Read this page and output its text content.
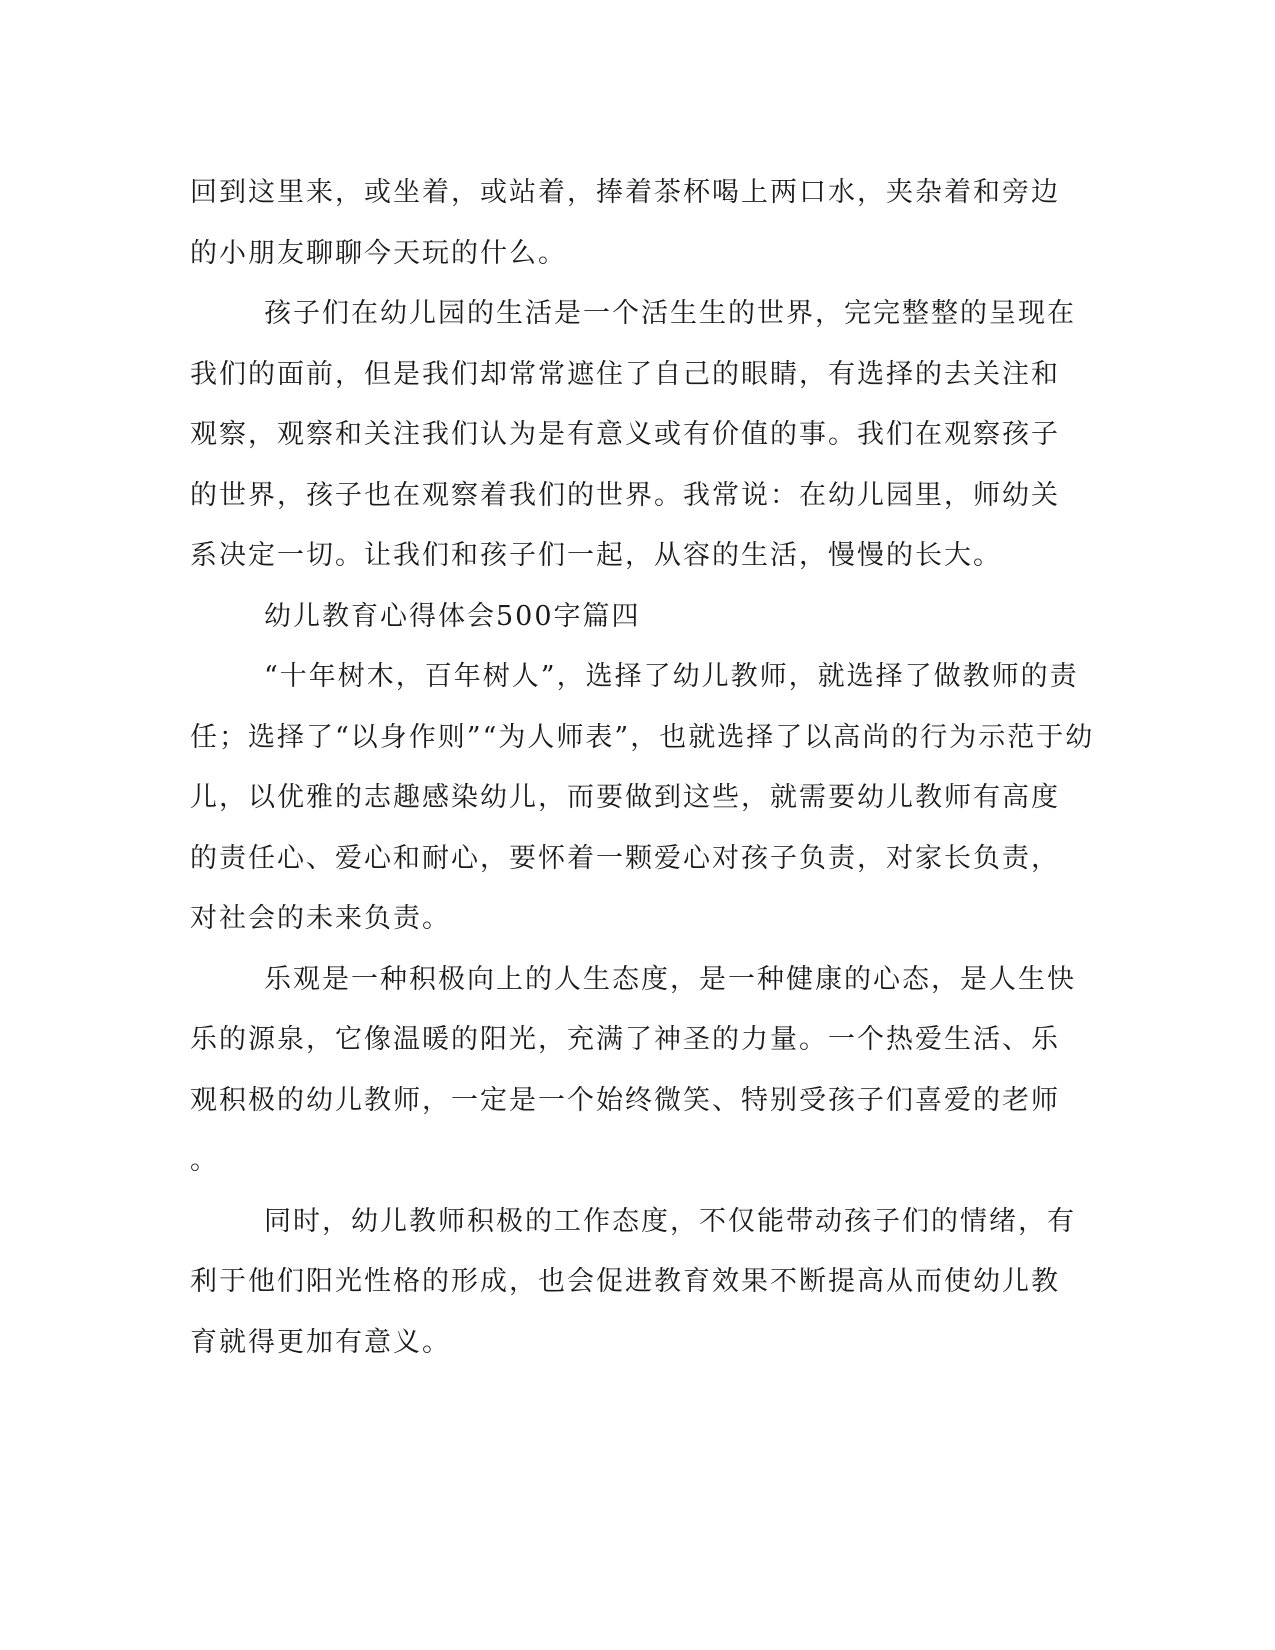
回到这里来，或坐着，或站着，捧着茶杯喝上两口水，夹杂着和旁边
的小朋友聊聊今天玩的什么。
孩子们在幼儿园的生活是一个活生生的世界，完完整整的呈现在
我们的面前，但是我们却常常遮住了自己的眼睛，有选择的去关注和
观察，观察和关注我们认为是有意义或有价值的事。我们在观察孩子
的世界，孩子也在观察着我们的世界。我常说：在幼儿园里，师幼关
系决定一切。让我们和孩子们一起，从容的生活，慢慢的长大。
幼儿教育心得体会500字篇四
“十年树木，百年树人”，选择了幼儿教师，就选择了做教师的责
任；选择了“以身作则”“为人师表”，也就选择了以高尚的行为示范于幼
儿，以优雅的志趣感染幼儿，而要做到这些，就需要幼儿教师有高度
的责任心、爱心和耐心，要怀着一颗爱心对孩子负责，对家长负责，
对社会的未来负责。
乐观是一种积极向上的人生态度，是一种健康的心态，是人生快
乐的源泉，它像温暖的阳光，充满了神圣的力量。一个热爱生活、乐
观积极的幼儿教师，一定是一个始终微笑、特别受孩子们喜爱的老师
。
同时，幼儿教师积极的工作态度，不仅能带动孩子们的情绪，有
利于他们阳光性格的形成，也会促进教育效果不断提高从而使幼儿教
育就得更加有意义。
